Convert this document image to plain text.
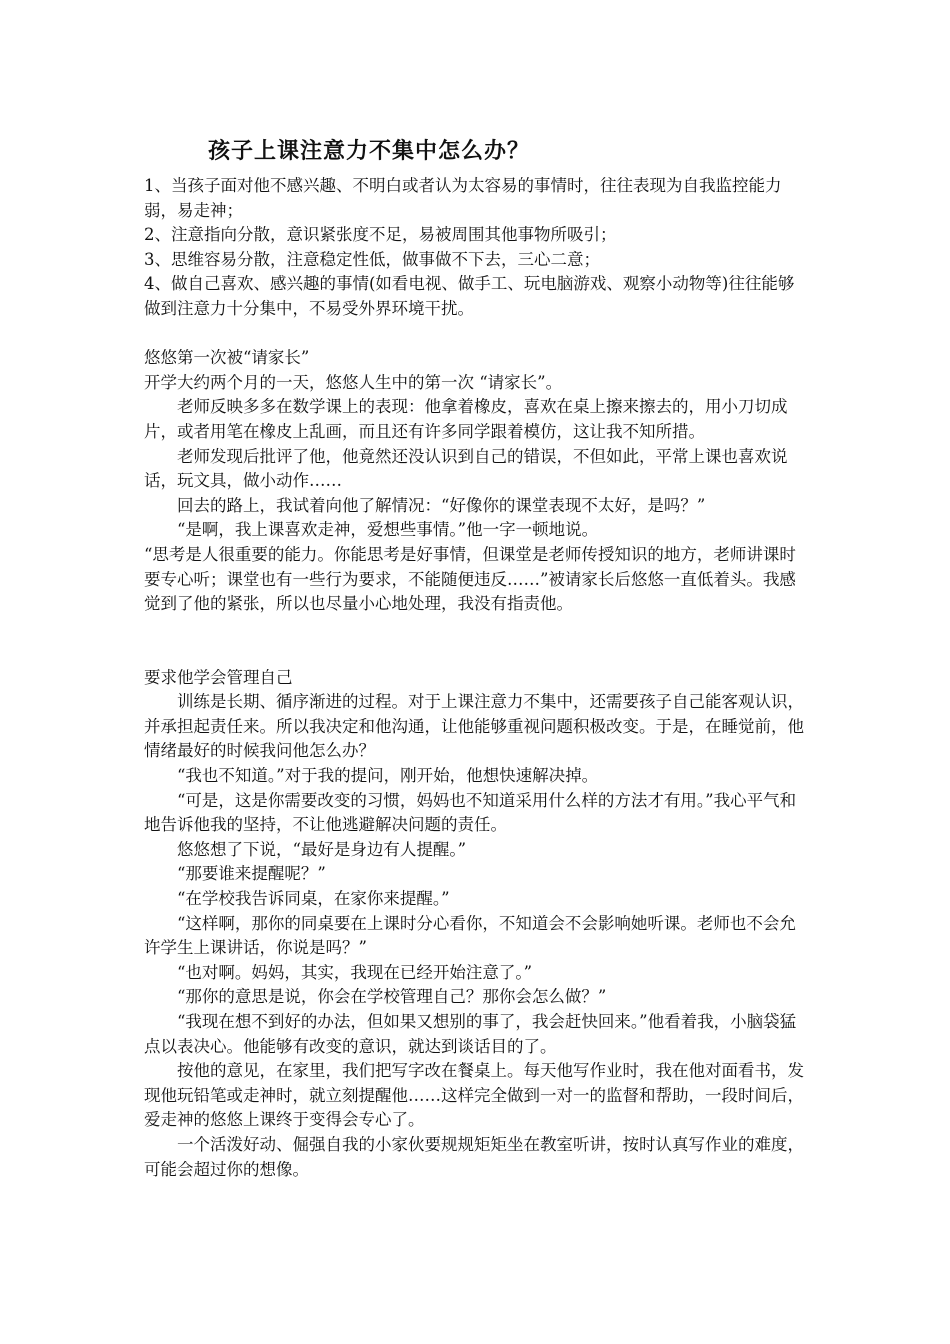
孩子上课注意力不集中怎么办？

1、当孩子面对他不感兴趣、不明白或者认为太容易的事情时，往往表现为自我监控能力弱，易走神；

2、注意指向分散，意识紧张度不足，易被周围其他事物所吸引；

3、思维容易分散，注意稳定性低，做事做不下去，三心二意；

4、做自己喜欢、感兴趣的事情(如看电视、做手工、玩电脑游戏、观察小动物等)往往能够做到注意力十分集中，不易受外界环境干扰。

悠悠第一次被“请家长”

开学大约两个月的一天，悠悠人生中的第一次 “请家长”。

老师反映多多在数学课上的表现：他拿着橡皮，喜欢在桌上擦来擦去的，用小刀切成片，或者用笔在橡皮上乱画，而且还有许多同学跟着模仿，这让我不知所措。

老师发现后批评了他，他竟然还没认识到自己的错误，不但如此，平常上课也喜欢说话，玩文具，做小动作……

回去的路上，我试着向他了解情况：“好像你的课堂表现不太好，是吗？”

“是啊，我上课喜欢走神，爱想些事情。”他一字一顿地说。

“思考是人很重要的能力。你能思考是好事情，但课堂是老师传授知识的地方，老师讲课时要专心听；课堂也有一些行为要求，不能随便违反……”被请家长后悠悠一直低着头。我感觉到了他的紧张，所以也尽量小心地处理，我没有指责他。

要求他学会管理自己

训练是长期、循序渐进的过程。对于上课注意力不集中，还需要孩子自己能客观认识，并承担起责任来。所以我决定和他沟通，让他能够重视问题积极改变。于是，在睡觉前，他情绪最好的时候我问他怎么办？

“我也不知道。”对于我的提问，刚开始，他想快速解决掉。

“可是，这是你需要改变的习惯，妈妈也不知道采用什么样的方法才有用。”我心平气和地告诉他我的坚持，不让他逃避解决问题的责任。

悠悠想了下说，“最好是身边有人提醒。”

“那要谁来提醒呢？”

“在学校我告诉同桌，在家你来提醒。”

“这样啊，那你的同桌要在上课时分心看你，不知道会不会影响她听课。老师也不会允许学生上课讲话，你说是吗？”

“也对啊。妈妈，其实，我现在已经开始注意了。”

“那你的意思是说，你会在学校管理自己？那你会怎么做？”

“我现在想不到好的办法，但如果又想别的事了，我会赶快回来。”他看着我，小脑袋猛点以表决心。他能够有改变的意识，就达到谈话目的了。

按他的意见，在家里，我们把写字改在餐桌上。每天他写作业时，我在他对面看书，发现他玩铅笔或走神时，就立刻提醒他……这样完全做到一对一的监督和帮助，一段时间后，爱走神的悠悠上课终于变得会专心了。

一个活泼好动、倔强自我的小家伙要规规矩矩坐在教室听讲，按时认真写作业的难度，可能会超过你的想像。
